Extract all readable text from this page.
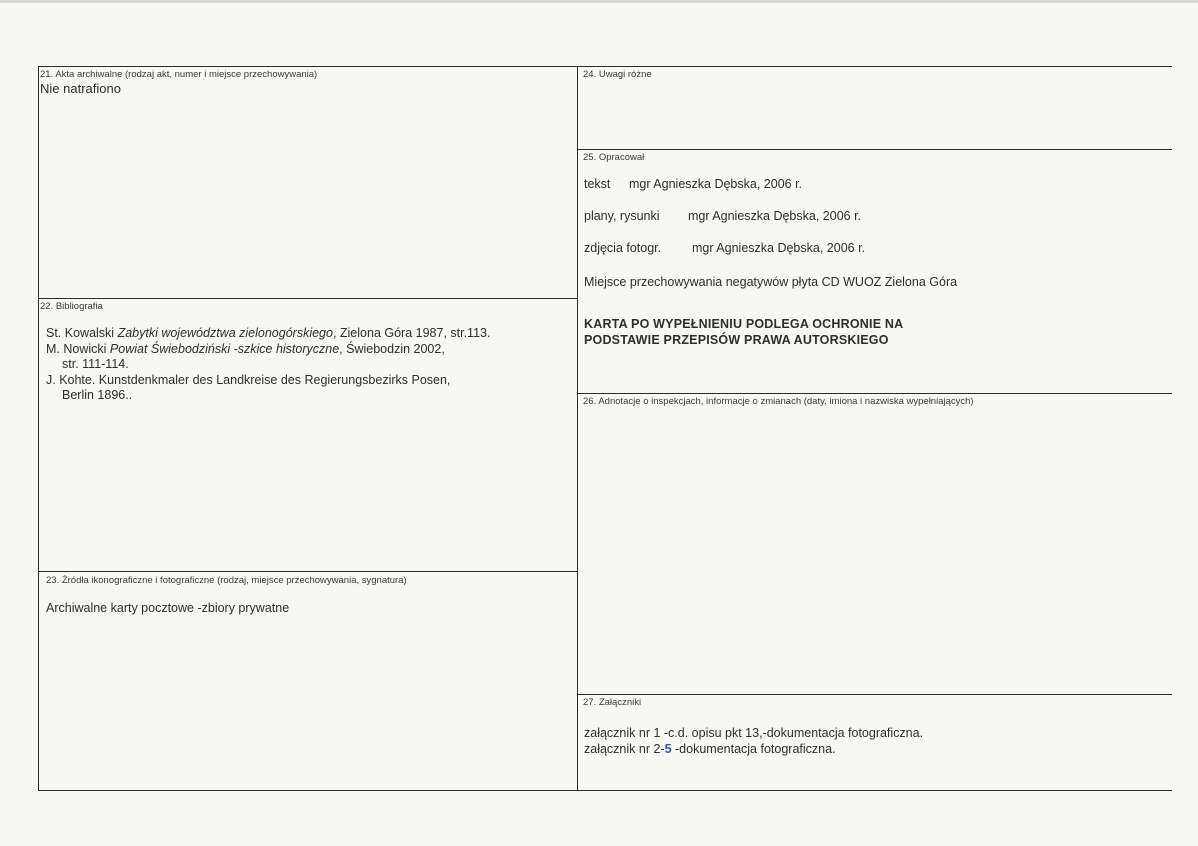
21. Akta archiwalne (rodzaj akt, numer i miejsce przechowywania)
Nie natrafiono
22. Bibliografia
St. Kowalski Zabytki województwa zielonogórskiego, Zielona Góra 1987, str.113.
M. Nowicki Powiat Świebodziński -szkice historyczne, Świebodzin 2002,
str. 111-114.
J. Kohte. Kunstdenkmaler des Landkreise des Regierungsbezirks Posen,
Berlin 1896..
23. Źródła ikonograficzne i fotograficzne (rodzaj, miejsce przechowywania, sygnatura)
Archiwalne karty pocztowe -zbiory prywatne
24. Uwagi różne
25. Opracował
tekst mgr Agnieszka Dębska, 2006 r.
plany, rysunki mgr Agnieszka Dębska, 2006 r.
zdjęcia fotogr. mgr Agnieszka Dębska, 2006 r.
Miejsce przechowywania negatywów płyta CD WUOZ Zielona Góra
KARTA PO WYPEŁNIENIU PODLEGA OCHRONIE NA
PODSTAWIE PRZEPISÓW PRAWA AUTORSKIEGO
26. Adnotacje o inspekcjach, informacje o zmianach (daty, imiona i nazwiska wypełniających)
27. Załączniki
załącznik nr 1 -c.d. opisu pkt 13,-dokumentacja fotograficzna.
załącznik nr 2-5 -dokumentacja fotograficzna.
